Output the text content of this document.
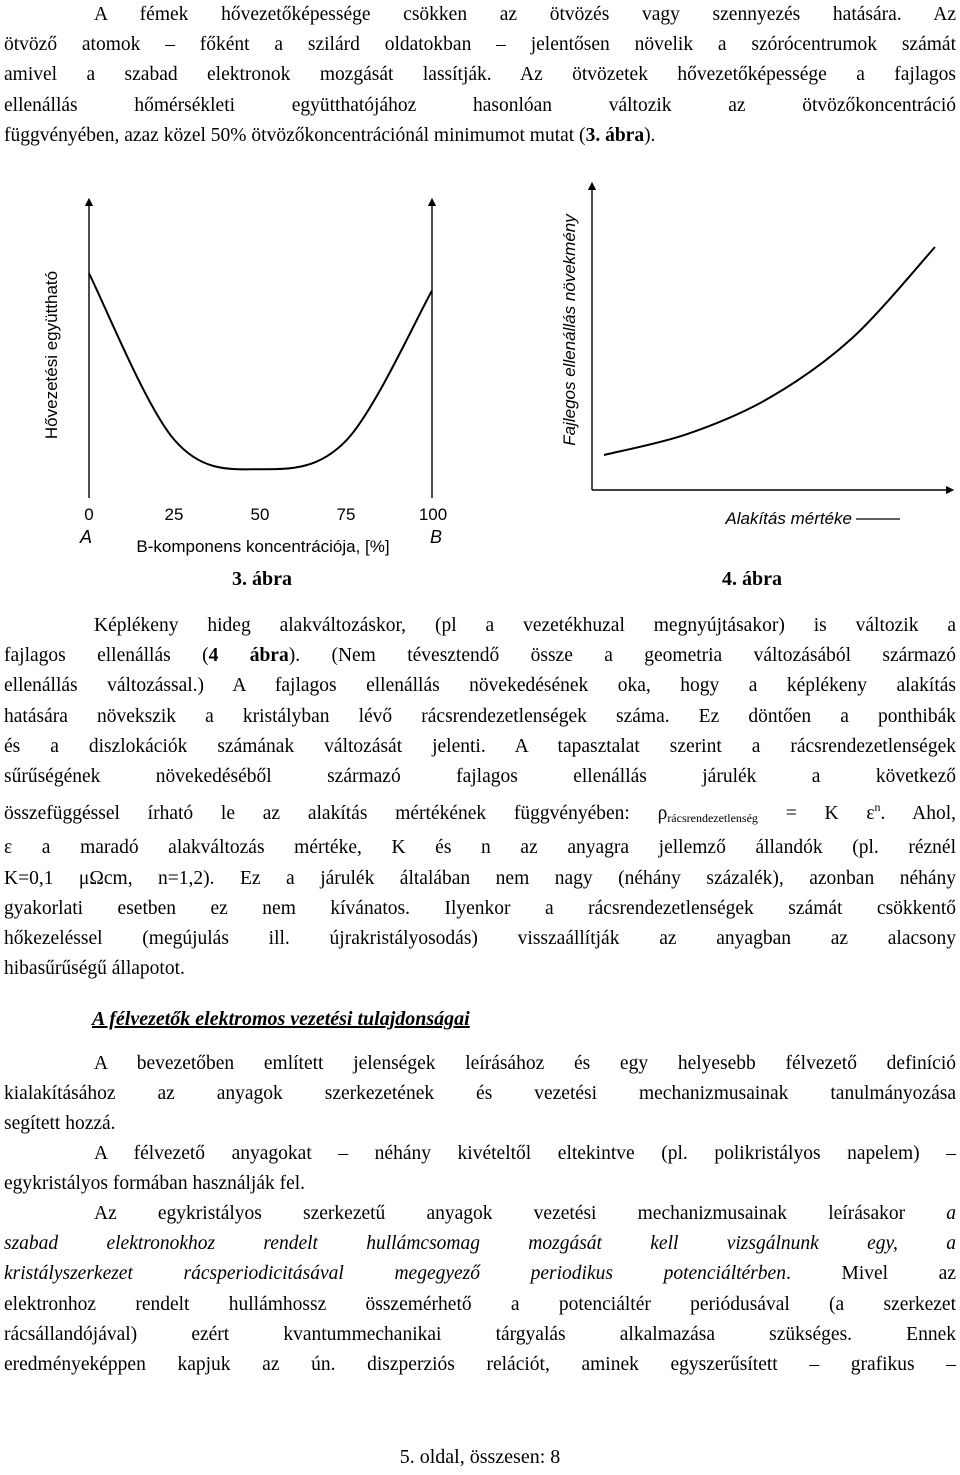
A fémek hővezetőképessége csökken az ötvözés vagy szennyezés hatására. Az
ötvöző atomok – főként a szilárd oldatokban – jelentősen növelik a szórócentrumok számát
amivel a szabad elektronok mozgását lassítják. Az ötvözetek hővezetőképessége a fajlagos
ellenállás hőmérsékleti együtthatójához hasonlóan változik az ötvözőkoncentráció
függvényében, azaz közel 50% ötvözőkoncentrációnál minimumot mutat (3. ábra).
Hővezetési együttható
0	25	50	75	100
A	B
B-komponens koncentrációja, [%]
3. ábra
Fajlegos ellenállás növekmény
Alakítás mértéke
4. ábra
Képlékeny hideg alakváltozáskor, (pl a vezetékhuzal megnyújtásakor) is változik a
fajlagos ellenállás (4 ábra). (Nem tévesztendő össze a geometria változásából származó
ellenállás változással.) A fajlagos ellenállás növekedésének oka, hogy a képlékeny alakítás
hatására növekszik a kristályban lévő rácsrendezetlenségek száma. Ez döntően a ponthibák
és a diszlokációk számának változását jelenti. A tapasztalat szerint a rácsrendezetlenségek
sűrűségének növekedéséből származó fajlagos ellenállás járulék a következő
összefüggéssel írható le az alakítás mértékének függvényében: $\rho_{rácsrendezetlenség} = K$ $\varepsilon^n$. Ahol,
ε a maradó alakváltozás mértéke, K és n az anyagra jellemző állandók (pl. réznél
K=0,1 μΩcm, n=1,2). Ez a járulék általában nem nagy (néhány százalék), azonban néhány
gyakorlati esetben ez nem kívánatos. Ilyenkor a rácsrendezetlenségek számát csökkentő
hőkezeléssel (megújulás ill. újrakristályosodás) visszaállítják az anyagban az alacsony
hibasűrűségű állapotot.
A félvezetők elektromos vezetési tulajdonságai
A bevezetőben említett jelenségek leírásához és egy helyesebb félvezető definíció
kialakításához az anyagok szerkezetének és vezetési mechanizmusainak tanulmányozása
segített hozzá.
A félvezető anyagokat – néhány kivételtől eltekintve (pl. polikristályos napelem) –
egykristályos formában használják fel.
Az egykristályos szerkezetű anyagok vezetési mechanizmusainak leírásakor a
szabad elektronokhoz rendelt hullámcsomag mozgását kell vizsgálnunk egy, a
kristályszerkezet rácsperiodicitásával megegyező periodikus potenciáltérben. Mivel az
elektronhoz rendelt hullámhossz összemérhető a potenciáltér periódusával (a szerkezet
rácsállandójával) ezért kvantummechanikai tárgyalás alkalmazása szükséges. Ennek
eredményeképpen kapjuk az ún. diszperziós relációt, aminek egyszerűsített – grafikus –
5. oldal, összesen: 8
